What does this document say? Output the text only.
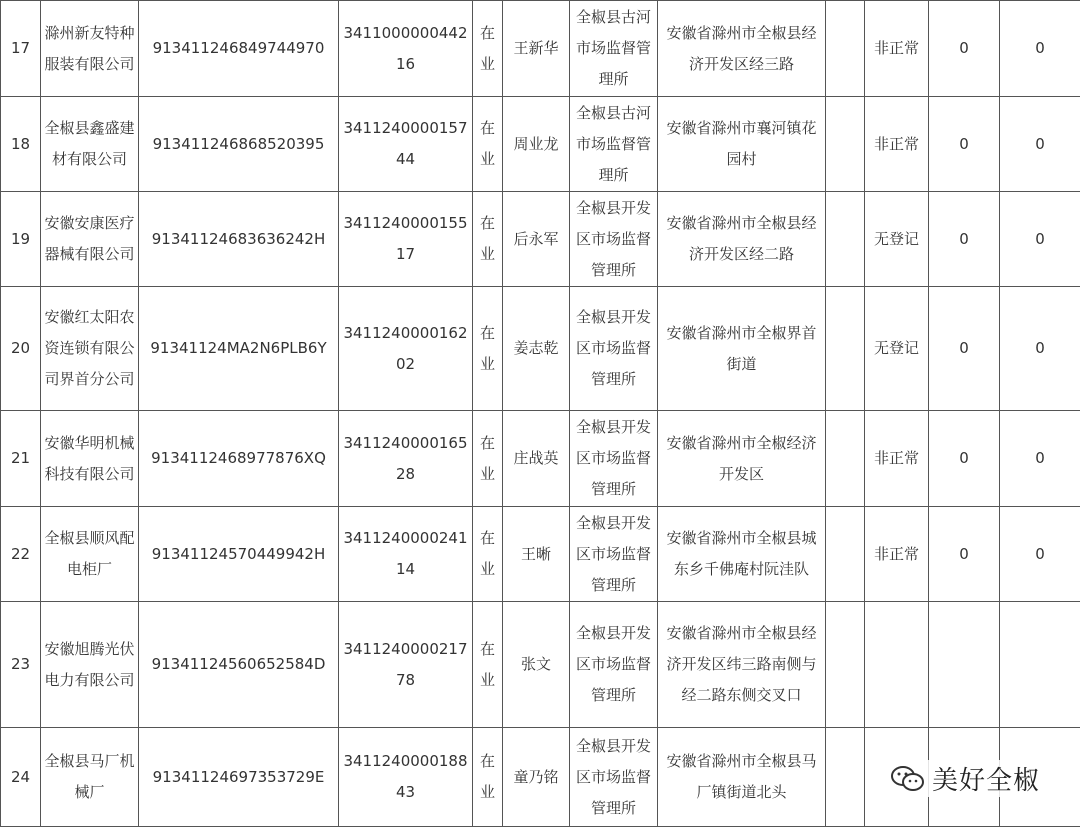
17	滁州新友特种服装有限公司	913411246849744970	341100000044216	在业	王新华	全椒县古河市场监督管理所	安徽省滁州市全椒县经济开发区经三路		非正常	0	0
18	全椒县鑫盛建材有限公司	913411246868520395	341124000015744	在业	周业龙	全椒县古河市场监督管理所	安徽省滁州市襄河镇花园村		非正常	0	0
19	安徽安康医疗器械有限公司	91341124683636242H	341124000015517	在业	后永军	全椒县开发区市场监督管理所	安徽省滁州市全椒县经济开发区经二路		无登记	0	0
20	安徽红太阳农资连锁有限公司界首分公司	91341124MA2N6PLB6Y	341124000016202	在业	姜志乾	全椒县开发区市场监督管理所	安徽省滁州市全椒界首街道		无登记	0	0
21	安徽华明机械科技有限公司	9134112468977876XQ	341124000016528	在业	庄战英	全椒县开发区市场监督管理所	安徽省滁州市全椒经济开发区		非正常	0	0
22	全椒县顺风配电柜厂	91341124570449942H	341124000024114	在业	王晰	全椒县开发区市场监督管理所	安徽省滁州市全椒县城东乡千佛庵村阮洼队		非正常	0	0
23	安徽旭腾光伏电力有限公司	91341124560652584D	341124000021778	在业	张文	全椒县开发区市场监督管理所	安徽省滁州市全椒县经济开发区纬三路南侧与经二路东侧交叉口				
24	全椒县马厂机械厂	91341124697353729E	341124000018843	在业	童乃铭	全椒县开发区市场监督管理所	安徽省滁州市全椒县马厂镇街道北头					美好全椒
